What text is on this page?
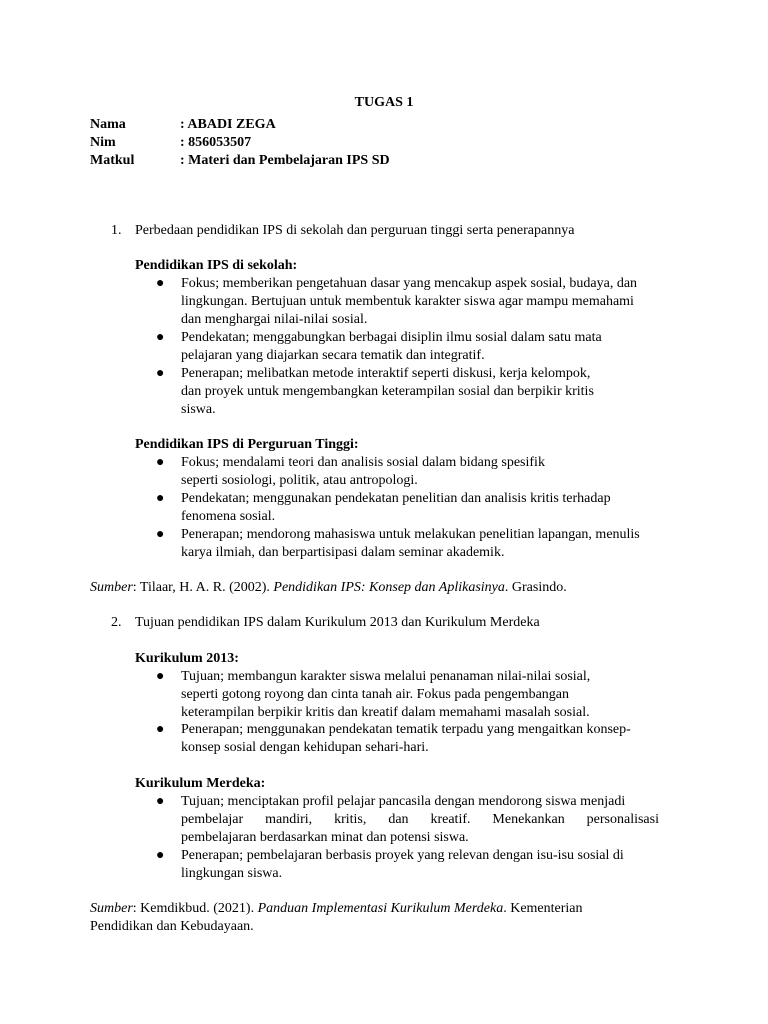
TUGAS 1
Nama	: ABADI ZEGA
Nim	: 856053507
Matkul	: Materi dan Pembelajaran IPS SD
1. Perbedaan pendidikan IPS di sekolah dan perguruan tinggi serta penerapannya
Pendidikan IPS di sekolah:
●	Fokus; memberikan pengetahuan dasar yang mencakup aspek sosial, budaya, dan
lingkungan. Bertujuan untuk membentuk karakter siswa agar mampu memahami
dan menghargai nilai-nilai sosial.
●	Pendekatan; menggabungkan berbagai disiplin ilmu sosial dalam satu mata
pelajaran yang diajarkan secara tematik dan integratif.
●	Penerapan; melibatkan metode interaktif seperti diskusi, kerja kelompok,
dan proyek untuk mengembangkan keterampilan sosial dan berpikir kritis
siswa.
Pendidikan IPS di Perguruan Tinggi:
●	Fokus; mendalami teori dan analisis sosial dalam bidang spesifik
seperti sosiologi, politik, atau antropologi.
●	Pendekatan; menggunakan pendekatan penelitian dan analisis kritis terhadap
fenomena sosial.
●	Penerapan; mendorong mahasiswa untuk melakukan penelitian lapangan, menulis
karya ilmiah, dan berpartisipasi dalam seminar akademik.
Sumber: Tilaar, H. A. R. (2002). Pendidikan IPS: Konsep dan Aplikasinya. Grasindo.
2. Tujuan pendidikan IPS dalam Kurikulum 2013 dan Kurikulum Merdeka
Kurikulum 2013:
●	Tujuan; membangun karakter siswa melalui penanaman nilai-nilai sosial,
seperti gotong royong dan cinta tanah air. Fokus pada pengembangan
keterampilan berpikir kritis dan kreatif dalam memahami masalah sosial.
●	Penerapan; menggunakan pendekatan tematik terpadu yang mengaitkan konsep-
konsep sosial dengan kehidupan sehari-hari.
Kurikulum Merdeka:
●	Tujuan; menciptakan profil pelajar pancasila dengan mendorong siswa menjadi
pembelajar mandiri, kritis, dan kreatif. Menekankan personalisasi
pembelajaran berdasarkan minat dan potensi siswa.
●	Penerapan; pembelajaran berbasis proyek yang relevan dengan isu-isu sosial di
lingkungan siswa.
Sumber: Kemdikbud. (2021). Panduan Implementasi Kurikulum Merdeka. Kementerian
Pendidikan dan Kebudayaan.
